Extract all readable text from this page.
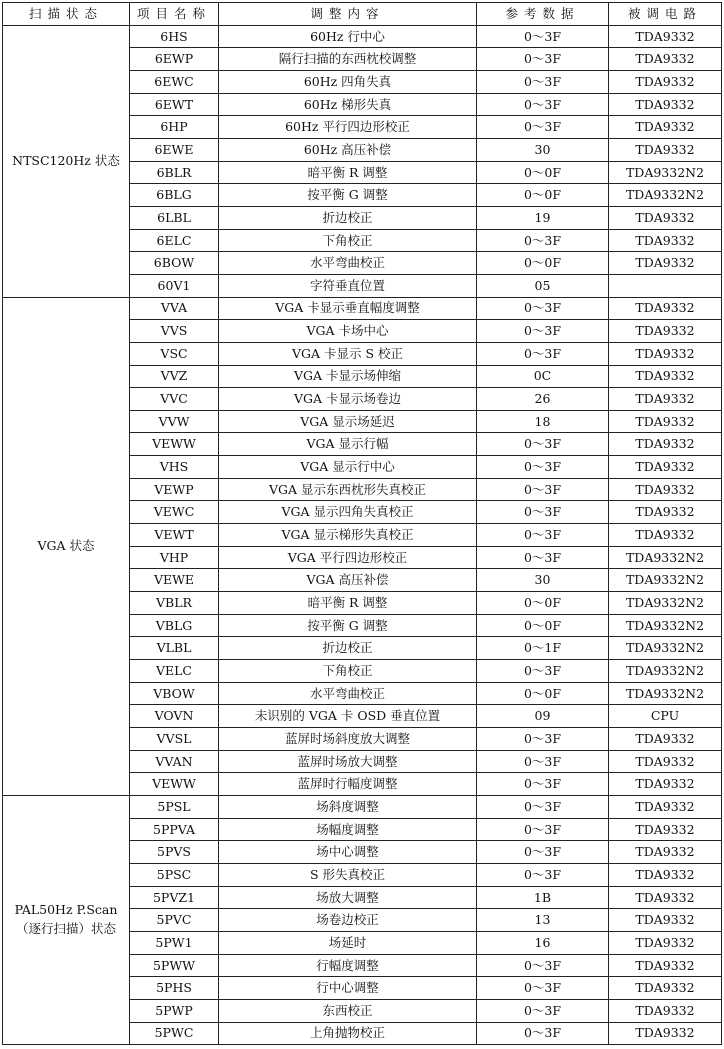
扫描状态	项目名称	调整内容	参考数据	被调电路
NTSC120Hz 状态	6HS	60Hz 行中心	0～3F	TDA9332
	6EWP	隔行扫描的东西枕校调整	0～3F	TDA9332
	6EWC	60Hz 四角失真	0～3F	TDA9332
	6EWT	60Hz 梯形失真	0～3F	TDA9332
	6HP	60Hz 平行四边形校正	0～3F	TDA9332
	6EWE	60Hz 高压补偿	30	TDA9332
	6BLR	暗平衡 R 调整	0～0F	TDA9332N2
	6BLG	按平衡 G 调整	0～0F	TDA9332N2
	6LBL	折边校正	19	TDA9332
	6ELC	下角校正	0～3F	TDA9332
	6BOW	水平弯曲校正	0～0F	TDA9332
	60V1	字符垂直位置	05	
VGA 状态	VVA	VGA 卡显示垂直幅度调整	0～3F	TDA9332
	VVS	VGA 卡场中心	0～3F	TDA9332
	VSC	VGA 卡显示 S 校正	0～3F	TDA9332
	VVZ	VGA 卡显示场伸缩	0C	TDA9332
	VVC	VGA 卡显示场卷边	26	TDA9332
	VVW	VGA 显示场延迟	18	TDA9332
	VEWW	VGA 显示行幅	0～3F	TDA9332
	VHS	VGA 显示行中心	0～3F	TDA9332
	VEWP	VGA 显示东西枕形失真校正	0～3F	TDA9332
	VEWC	VGA 显示四角失真校正	0～3F	TDA9332
	VEWT	VGA 显示梯形失真校正	0～3F	TDA9332
	VHP	VGA 平行四边形校正	0～3F	TDA9332N2
	VEWE	VGA 高压补偿	30	TDA9332N2
	VBLR	暗平衡 R 调整	0～0F	TDA9332N2
	VBLG	按平衡 G 调整	0～0F	TDA9332N2
	VLBL	折边校正	0～1F	TDA9332N2
	VELC	下角校正	0～3F	TDA9332N2
	VBOW	水平弯曲校正	0～0F	TDA9332N2
	VOVN	未识别的 VGA 卡 OSD 垂直位置	09	CPU
	VVSL	蓝屏时场斜度放大调整	0～3F	TDA9332
	VVAN	蓝屏时场放大调整	0～3F	TDA9332
	VEWW	蓝屏时行幅度调整	0～3F	TDA9332
PAL50Hz P.Scan（逐行扫描）状态	5PSL	场斜度调整	0～3F	TDA9332
	5PPVA	场幅度调整	0～3F	TDA9332
	5PVS	场中心调整	0～3F	TDA9332
	5PSC	S 形失真校正	0～3F	TDA9332
	5PVZ1	场放大调整	1B	TDA9332
	5PVC	场卷边校正	13	TDA9332
	5PW1	场延时	16	TDA9332
	5PWW	行幅度调整	0～3F	TDA9332
	5PHS	行中心调整	0～3F	TDA9332
	5PWP	东西校正	0～3F	TDA9332
	5PWC	上角抛物校正	0～3F	TDA9332
